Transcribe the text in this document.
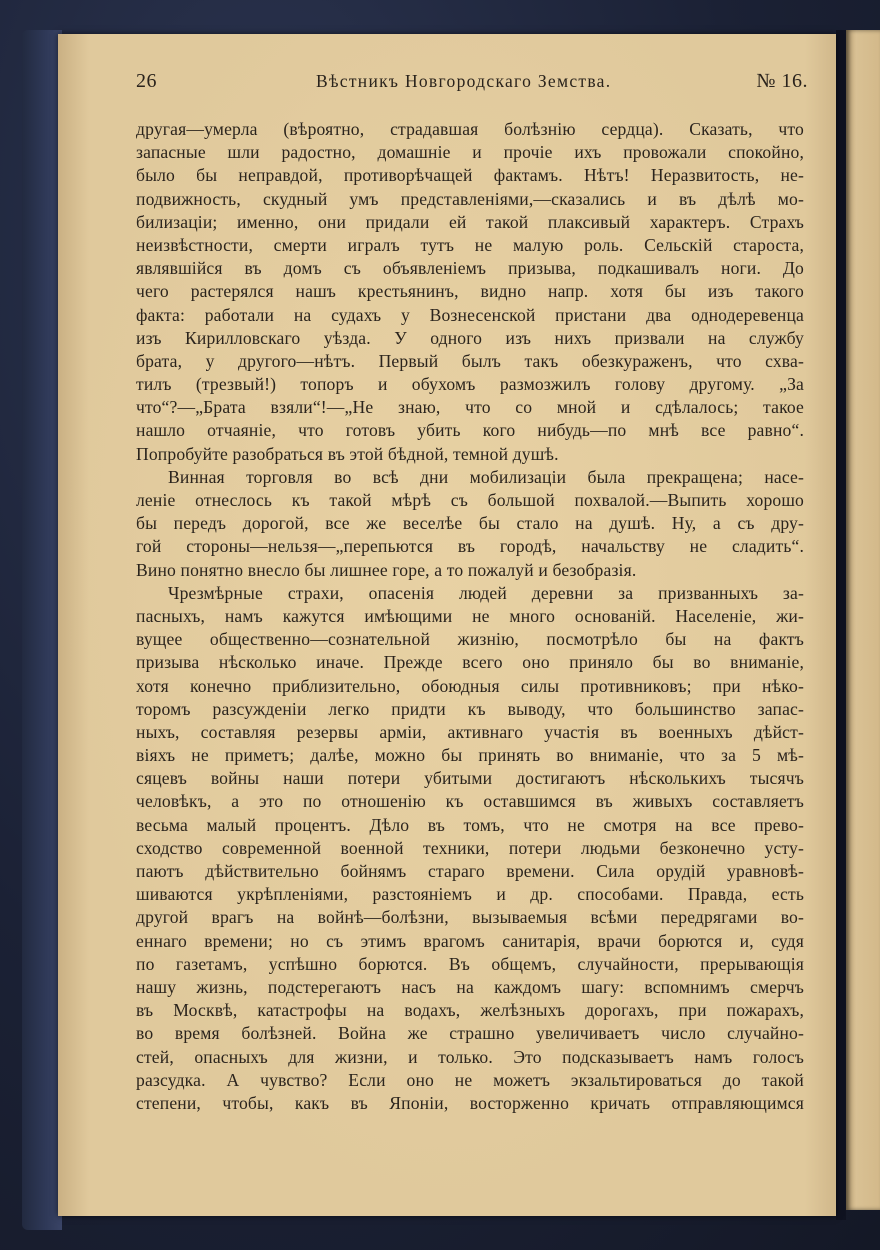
26	Вѣстникъ Новгородскаго Земства.	№ 16.
другая—умерла (вѣроятно, страдавшая болѣзнію сердца). Сказать, что
запасные шли радостно, домашніе и прочіе ихъ провожали спокойно,
было бы неправдой, противорѣчащей фактамъ. Нѣтъ! Неразвитость, не-
подвижность, скудный умъ представленіями,—сказались и въ дѣлѣ мо-
билизаціи; именно, они придали ей такой плаксивый характеръ. Страхъ
неизвѣстности, смерти игралъ тутъ не малую роль. Сельскій староста,
являвшійся въ домъ съ объявленіемъ призыва, подкашивалъ ноги. До
чего растерялся нашъ крестьянинъ, видно напр. хотя бы изъ такого
факта: работали на судахъ у Вознесенской пристани два однодеревенца
изъ Кирилловскаго уѣзда. У одного изъ нихъ призвали на службу
брата, у другого—нѣтъ. Первый былъ такъ обезкураженъ, что схва-
тилъ (трезвый!) топоръ и обухомъ размозжилъ голову другому. „За
что“?—„Брата взяли“!—„Не знаю, что со мной и сдѣлалось; такое
нашло отчаяніе, что готовъ убить кого нибудь—по мнѣ все равно“.
Попробуйте разобраться въ этой бѣдной, темной душѣ.
Винная торговля во всѣ дни мобилизаціи была прекращена; насе-
леніе отнеслось къ такой мѣрѣ съ большой похвалой.—Выпить хорошо
бы передъ дорогой, все же веселѣе бы стало на душѣ. Ну, а съ дру-
гой стороны—нельзя—„перепьются въ городѣ, начальству не сладить“.
Вино понятно внесло бы лишнее горе, а то пожалуй и безобразія.
Чрезмѣрные страхи, опасенія людей деревни за призванныхъ за-
пасныхъ, намъ кажутся имѣющими не много основаній. Населеніе, жи-
вущее общественно—сознательной жизнію, посмотрѣло бы на фактъ
призыва нѣсколько иначе. Прежде всего оно приняло бы во вниманіе,
хотя конечно приблизительно, обоюдныя силы противниковъ; при нѣко-
торомъ разсужденіи легко придти къ выводу, что большинство запас-
ныхъ, составляя резервы арміи, активнаго участія въ военныхъ дѣйст-
віяхъ не приметъ; далѣе, можно бы принять во вниманіе, что за 5 мѣ-
сяцевъ войны наши потери убитыми достигаютъ нѣсколькихъ тысячъ
человѣкъ, а это по отношенію къ оставшимся въ живыхъ составляетъ
весьма малый процентъ. Дѣло въ томъ, что не смотря на все прево-
сходство современной военной техники, потери людьми безконечно усту-
паютъ дѣйствительно бойнямъ стараго времени. Сила орудій уравновѣ-
шиваются укрѣпленіями, разстояніемъ и др. способами. Правда, есть
другой врагъ на войнѣ—болѣзни, вызываемыя всѣми передрягами во-
еннаго времени; но съ этимъ врагомъ санитарія, врачи борются и, судя
по газетамъ, успѣшно борются. Въ общемъ, случайности, прерывающія
нашу жизнь, подстерегаютъ насъ на каждомъ шагу: вспомнимъ смерчъ
въ Москвѣ, катастрофы на водахъ, желѣзныхъ дорогахъ, при пожарахъ,
во время болѣзней. Война же страшно увеличиваетъ число случайно-
стей, опасныхъ для жизни, и только. Это подсказываетъ намъ голосъ
разсудка. А чувство? Если оно не можетъ экзальтироваться до такой
степени, чтобы, какъ въ Японіи, восторженно кричать отправляющимся
